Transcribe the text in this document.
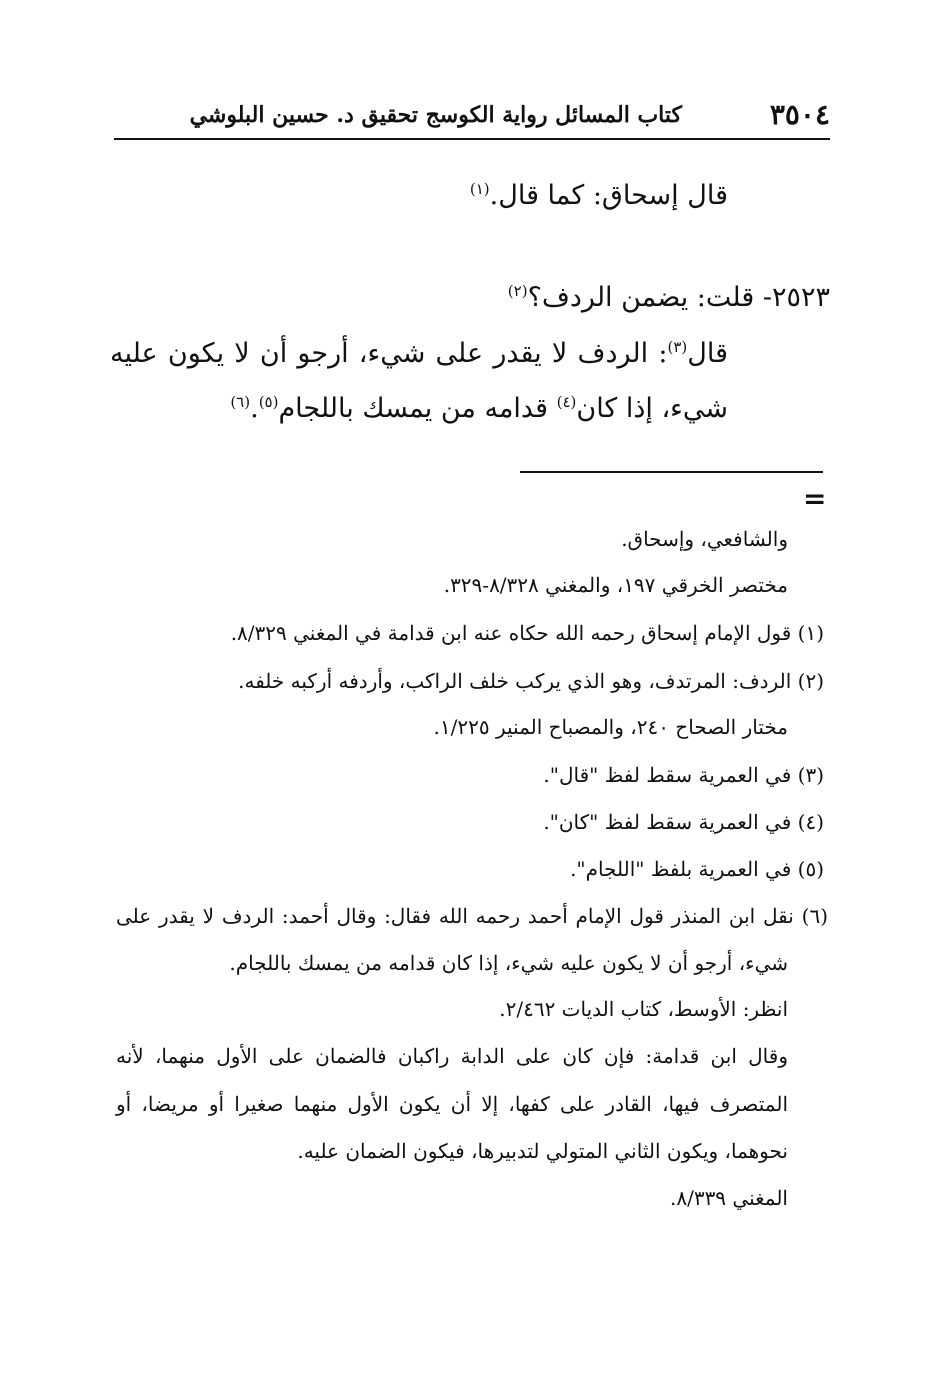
٣٥٠٤
كتاب المسائل رواية الكوسج تحقيق د. حسين البلوشي
قال إسحاق: كما قال.$^{(١)}$
٢٥٢٣- قلت: يضمن الردف؟$^{(٢)}$
قال$^{(٣)}$: الردف لا يقدر على شيء، أرجو أن لا يكون عليه
شيء، إذا كان$^{(٤)}$ قدامه من يمسك باللجام$^{(٥)}$.$^{(٦)}$
=
والشافعي، وإسحاق.
مختصر الخرقي ١٩٧، والمغني ٨/٣٢٨-٣٢٩.
(١) قول الإمام إسحاق رحمه الله حكاه عنه ابن قدامة في المغني ٨/٣٢٩.
(٢) الردف: المرتدف، وهو الذي يركب خلف الراكب، وأردفه أركبه خلفه.
مختار الصحاح ٢٤٠، والمصباح المنير ١/٢٢٥.
(٣) في العمرية سقط لفظ "قال".
(٤) في العمرية سقط لفظ "كان".
(٥) في العمرية بلفظ "اللجام".
(٦) نقل ابن المنذر قول الإمام أحمد رحمه الله فقال: وقال أحمد: الردف لا يقدر على
شيء، أرجو أن لا يكون عليه شيء، إذا كان قدامه من يمسك باللجام.
انظر: الأوسط، كتاب الديات ٢/٤٦٢.
وقال ابن قدامة: فإن كان على الدابة راكبان فالضمان على الأول منهما، لأنه
المتصرف فيها، القادر على كفها، إلا أن يكون الأول منهما صغيرا أو مريضا، أو
نحوهما، ويكون الثاني المتولي لتدبيرها، فيكون الضمان عليه.
المغني ٨/٣٣٩.
